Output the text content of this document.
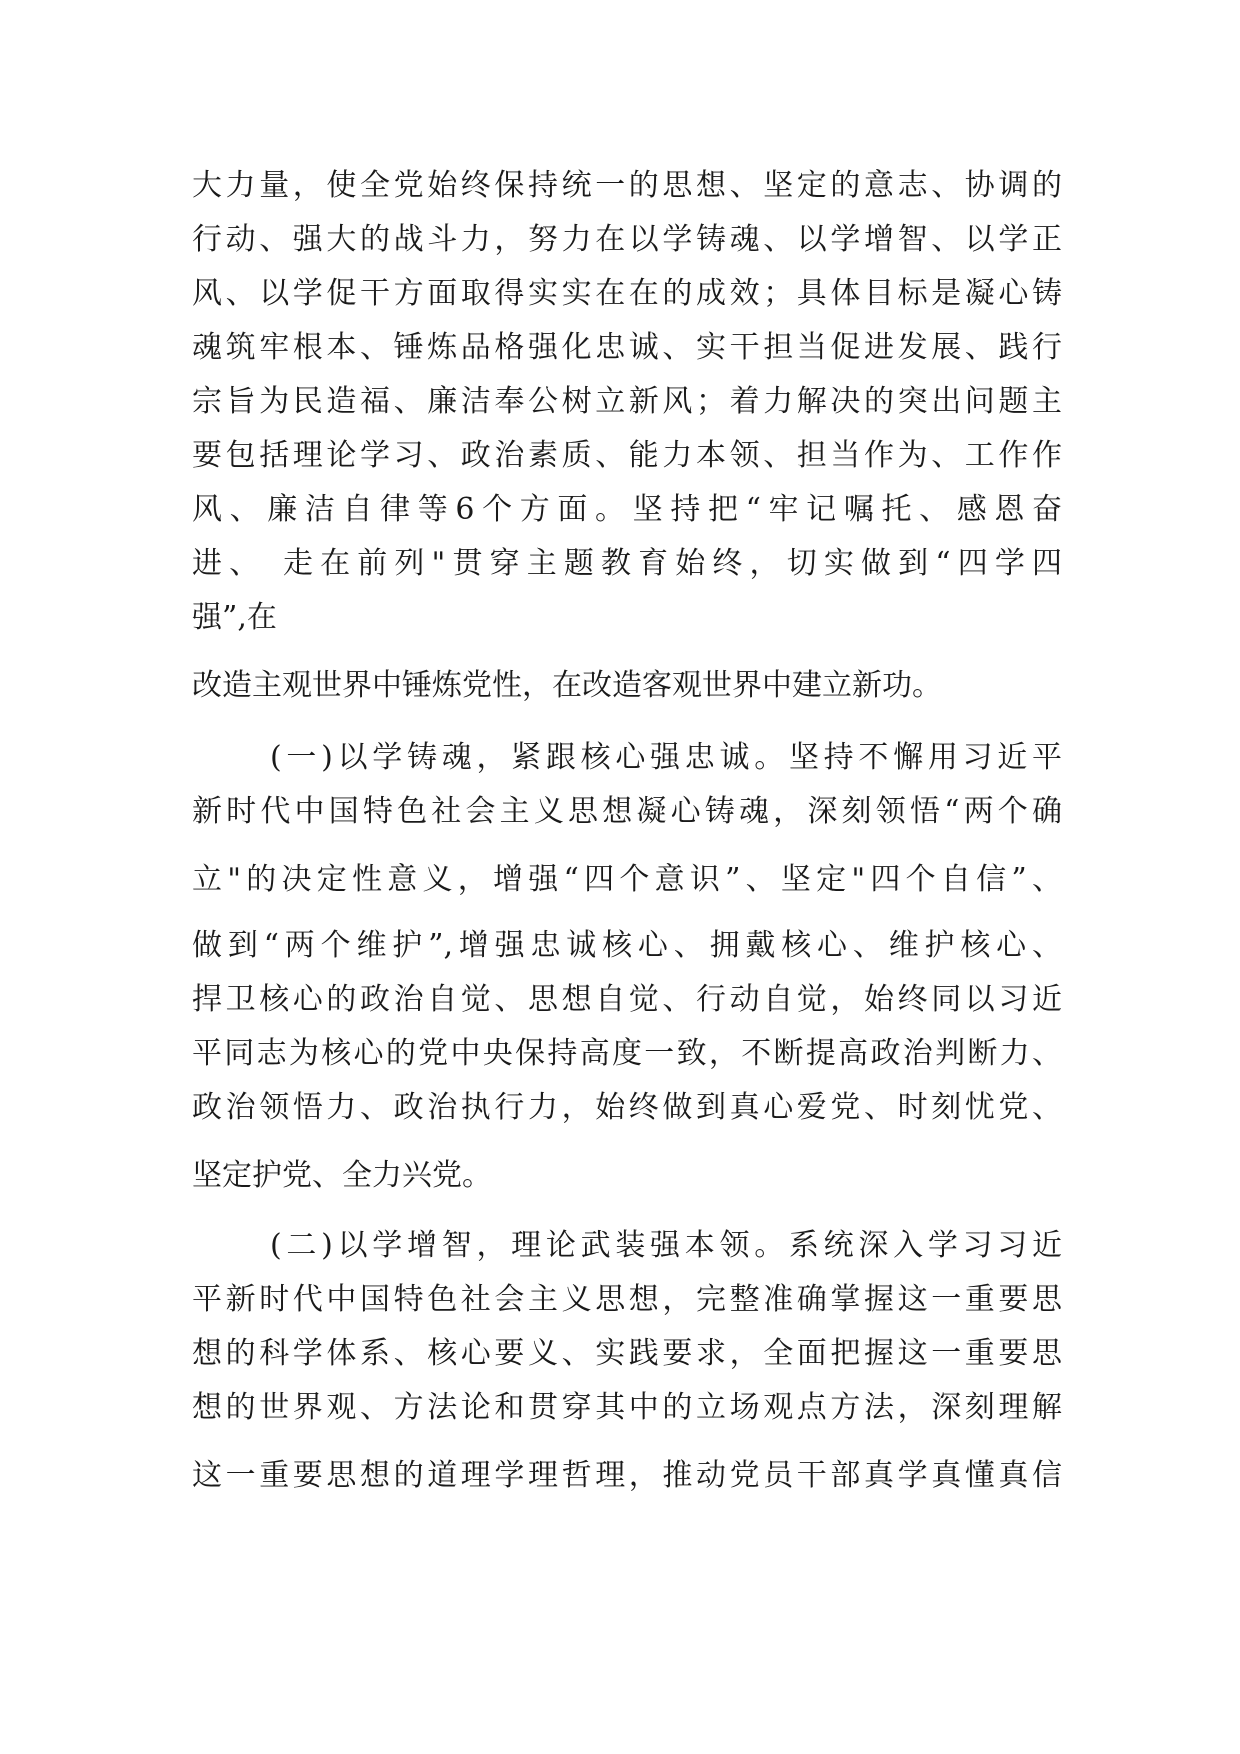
大力量，使全党始终保持统一的思想、坚定的意志、协调的
行动、强大的战斗力，努力在以学铸魂、以学增智、以学正
风、以学促干方面取得实实在在的成效；具体目标是凝心铸
魂筑牢根本、锤炼品格强化忠诚、实干担当促进发展、践行
宗旨为民造福、廉洁奉公树立新风；着力解决的突出问题主
要包括理论学习、政治素质、能力本领、担当作为、工作作
风、廉洁自律等6个方面。坚持把“牢记嘱托、感恩奋
进、 走在前列"贯穿主题教育始终，切实做到“四学四
强”,在
改造主观世界中锤炼党性，在改造客观世界中建立新功。
(一)以学铸魂，紧跟核心强忠诚。坚持不懈用习近平
新时代中国特色社会主义思想凝心铸魂，深刻领悟“两个确
立"的决定性意义，增强“四个意识”、坚定"四个自信”、
做到“两个维护”,增强忠诚核心、拥戴核心、维护核心、
捍卫核心的政治自觉、思想自觉、行动自觉，始终同以习近
平同志为核心的党中央保持高度一致，不断提高政治判断力、
政治领悟力、政治执行力，始终做到真心爱党、时刻忧党、
坚定护党、全力兴党。
(二)以学增智，理论武装强本领。系统深入学习习近
平新时代中国特色社会主义思想，完整准确掌握这一重要思
想的科学体系、核心要义、实践要求，全面把握这一重要思
想的世界观、方法论和贯穿其中的立场观点方法，深刻理解
这一重要思想的道理学理哲理，推动党员干部真学真懂真信
